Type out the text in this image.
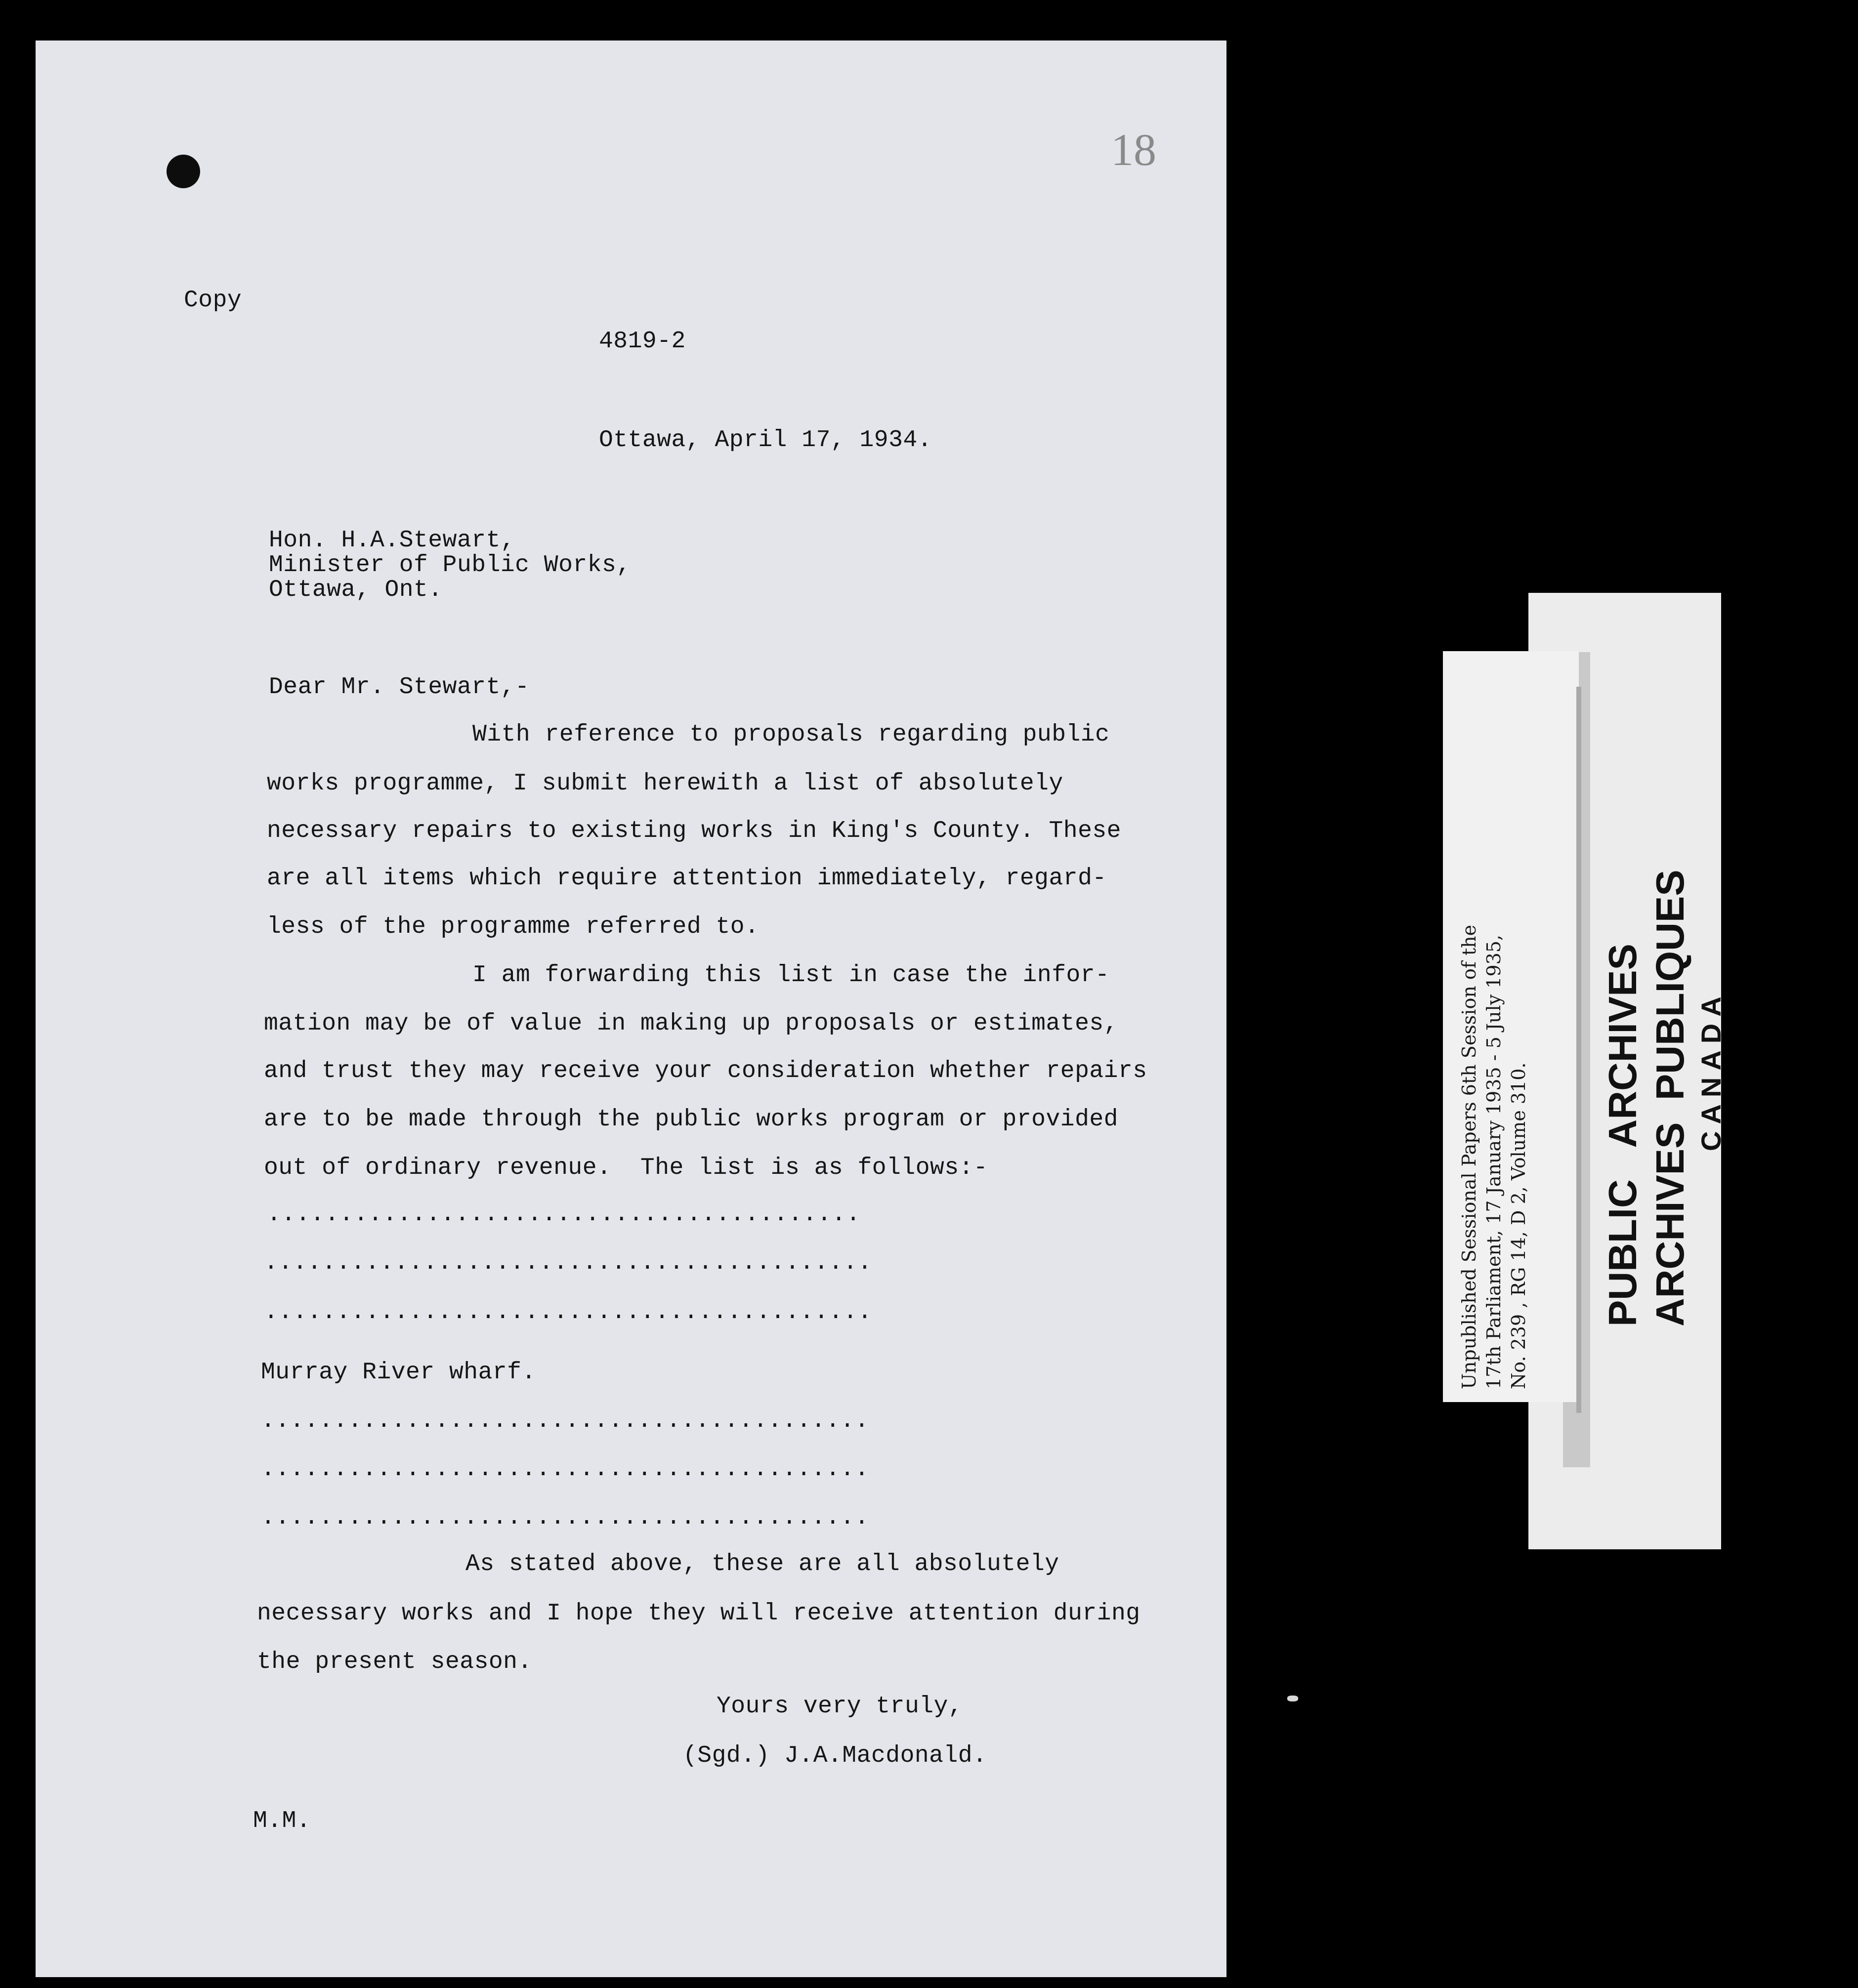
18
Copy
4819-2
Ottawa, April 17, 1934.
Hon. H.A.Stewart,
Minister of Public Works,
Ottawa, Ont.
Dear Mr. Stewart,-
With reference to proposals regarding public
works programme, I submit herewith a list of absolutely
necessary repairs to existing works in King's County. These
are all items which require attention immediately, regard-
less of the programme referred to.
I am forwarding this list in case the infor-
mation may be of value in making up proposals or estimates,
and trust they may receive your consideration whether repairs
are to be made through the public works program or provided
out of ordinary revenue.  The list is as follows:-
.........................................
..........................................
..........................................
Murray River wharf.
..........................................
..........................................
..........................................
As stated above, these are all absolutely
necessary works and I hope they will receive attention during
the present season.
Yours very truly,
(Sgd.) J.A.Macdonald.
M.M.
PUBLIC   ARCHIVES ARCHIVES  PUBLIQUES CANADA
Unpublished Sessional Papers 6th Session of the 17th Parliament, 17 January 1935 - 5 July 1935, No. 239 , RG 14, D 2, Volume 310.
